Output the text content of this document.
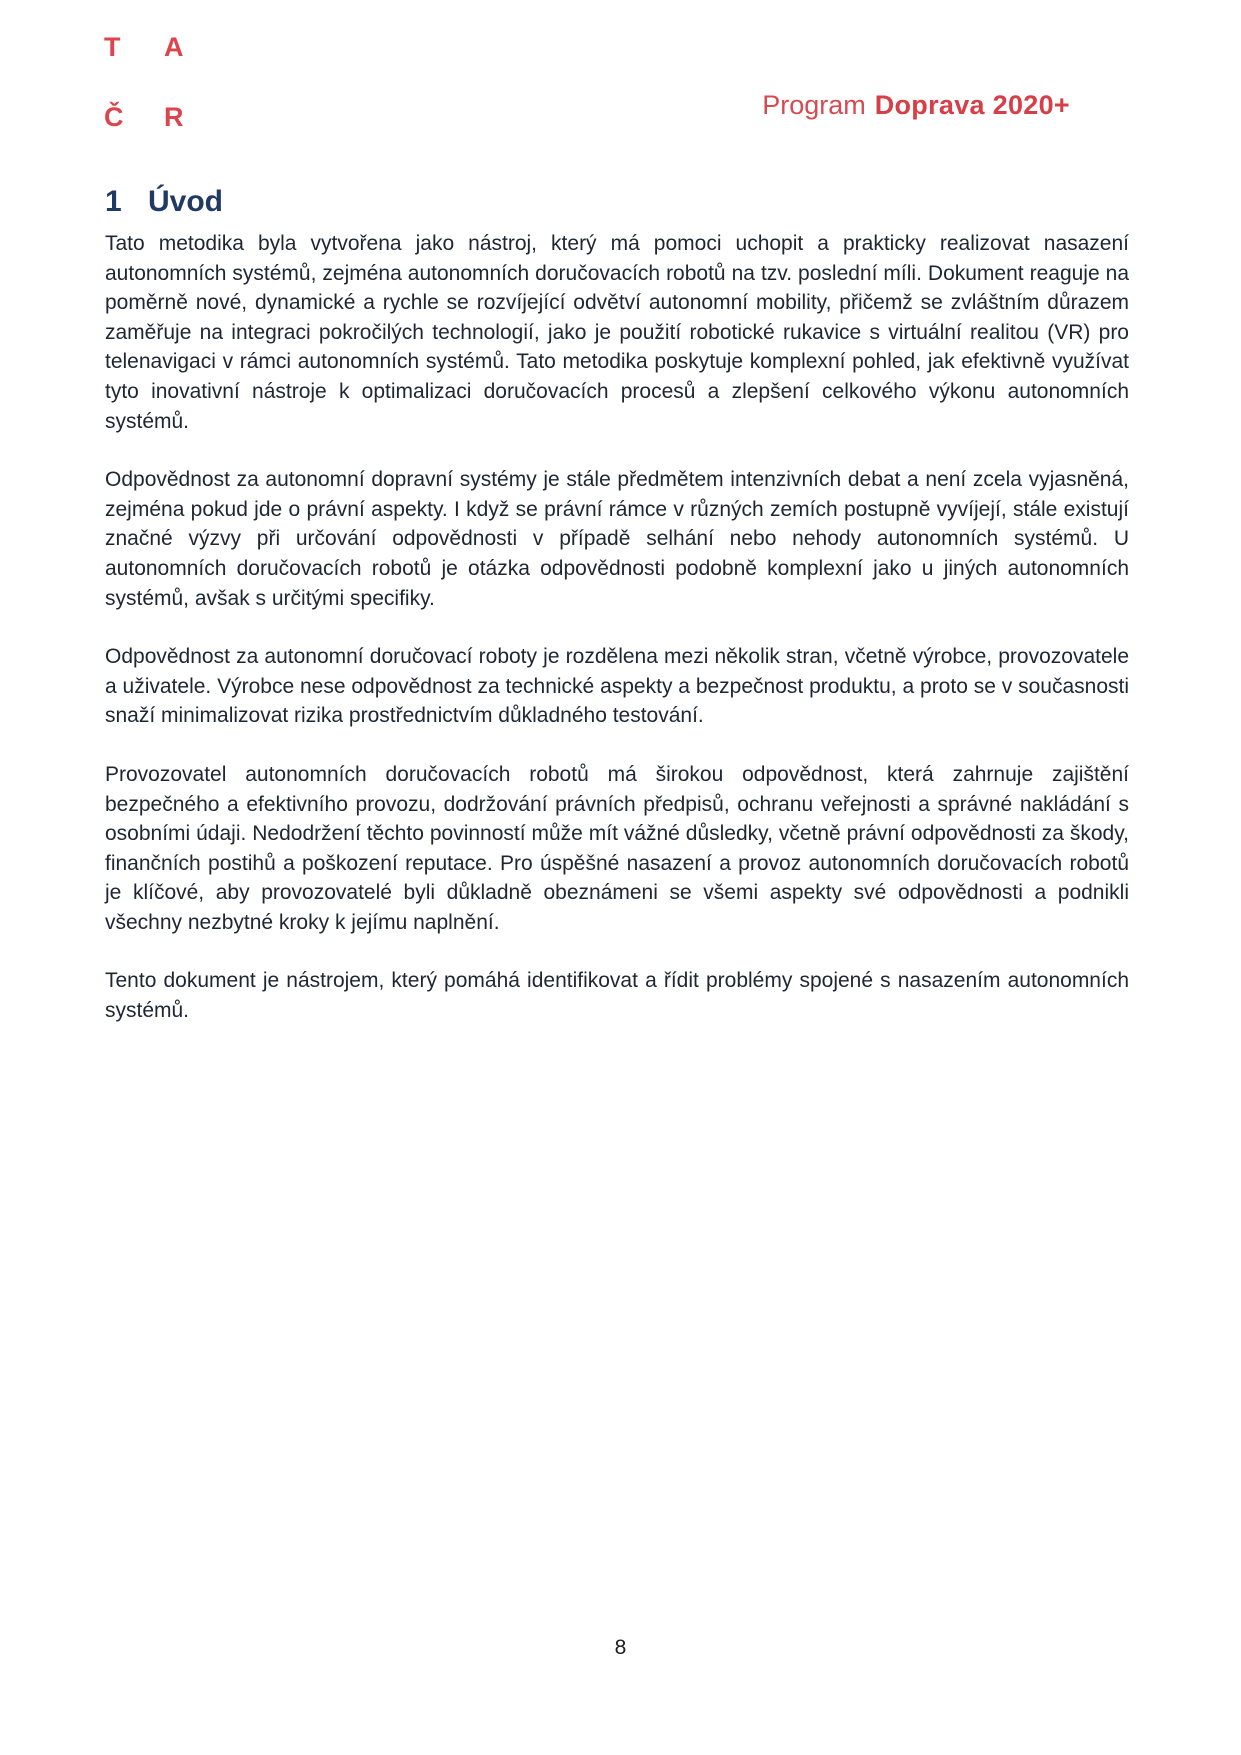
T	A
Č	R	Program Doprava 2020+
1 Úvod

Tato metodika byla vytvořena jako nástroj, který má pomoci uchopit a prakticky realizovat nasazení autonomních systémů, zejména autonomních doručovacích robotů na tzv. poslední míli. Dokument reaguje na poměrně nové, dynamické a rychle se rozvíjející odvětví autonomní mobility, přičemž se zvláštním důrazem zaměřuje na integraci pokročilých technologií, jako je použití robotické rukavice s virtuální realitou (VR) pro telenavigaci v rámci autonomních systémů. Tato metodika poskytuje komplexní pohled, jak efektivně využívat tyto inovativní nástroje k optimalizaci doručovacích procesů a zlepšení celkového výkonu autonomních systémů.

Odpovědnost za autonomní dopravní systémy je stále předmětem intenzivních debat a není zcela vyjasněná, zejména pokud jde o právní aspekty. I když se právní rámce v různých zemích postupně vyvíjejí, stále existují značné výzvy při určování odpovědnosti v případě selhání nebo nehody autonomních systémů. U autonomních doručovacích robotů je otázka odpovědnosti podobně komplexní jako u jiných autonomních systémů, avšak s určitými specifiky.

Odpovědnost za autonomní doručovací roboty je rozdělena mezi několik stran, včetně výrobce, provozovatele a uživatele. Výrobce nese odpovědnost za technické aspekty a bezpečnost produktu, a proto se v současnosti snaží minimalizovat rizika prostřednictvím důkladného testování.

Provozovatel autonomních doručovacích robotů má širokou odpovědnost, která zahrnuje zajištění bezpečného a efektivního provozu, dodržování právních předpisů, ochranu veřejnosti a správné nakládání s osobními údaji. Nedodržení těchto povinností může mít vážné důsledky, včetně právní odpovědnosti za škody, finančních postihů a poškození reputace. Pro úspěšné nasazení a provoz autonomních doručovacích robotů je klíčové, aby provozovatelé byli důkladně obeznámeni se všemi aspekty své odpovědnosti a podnikli všechny nezbytné kroky k jejímu naplnění.

Tento dokument je nástrojem, který pomáhá identifikovat a řídit problémy spojené s nasazením autonomních systémů.

8
